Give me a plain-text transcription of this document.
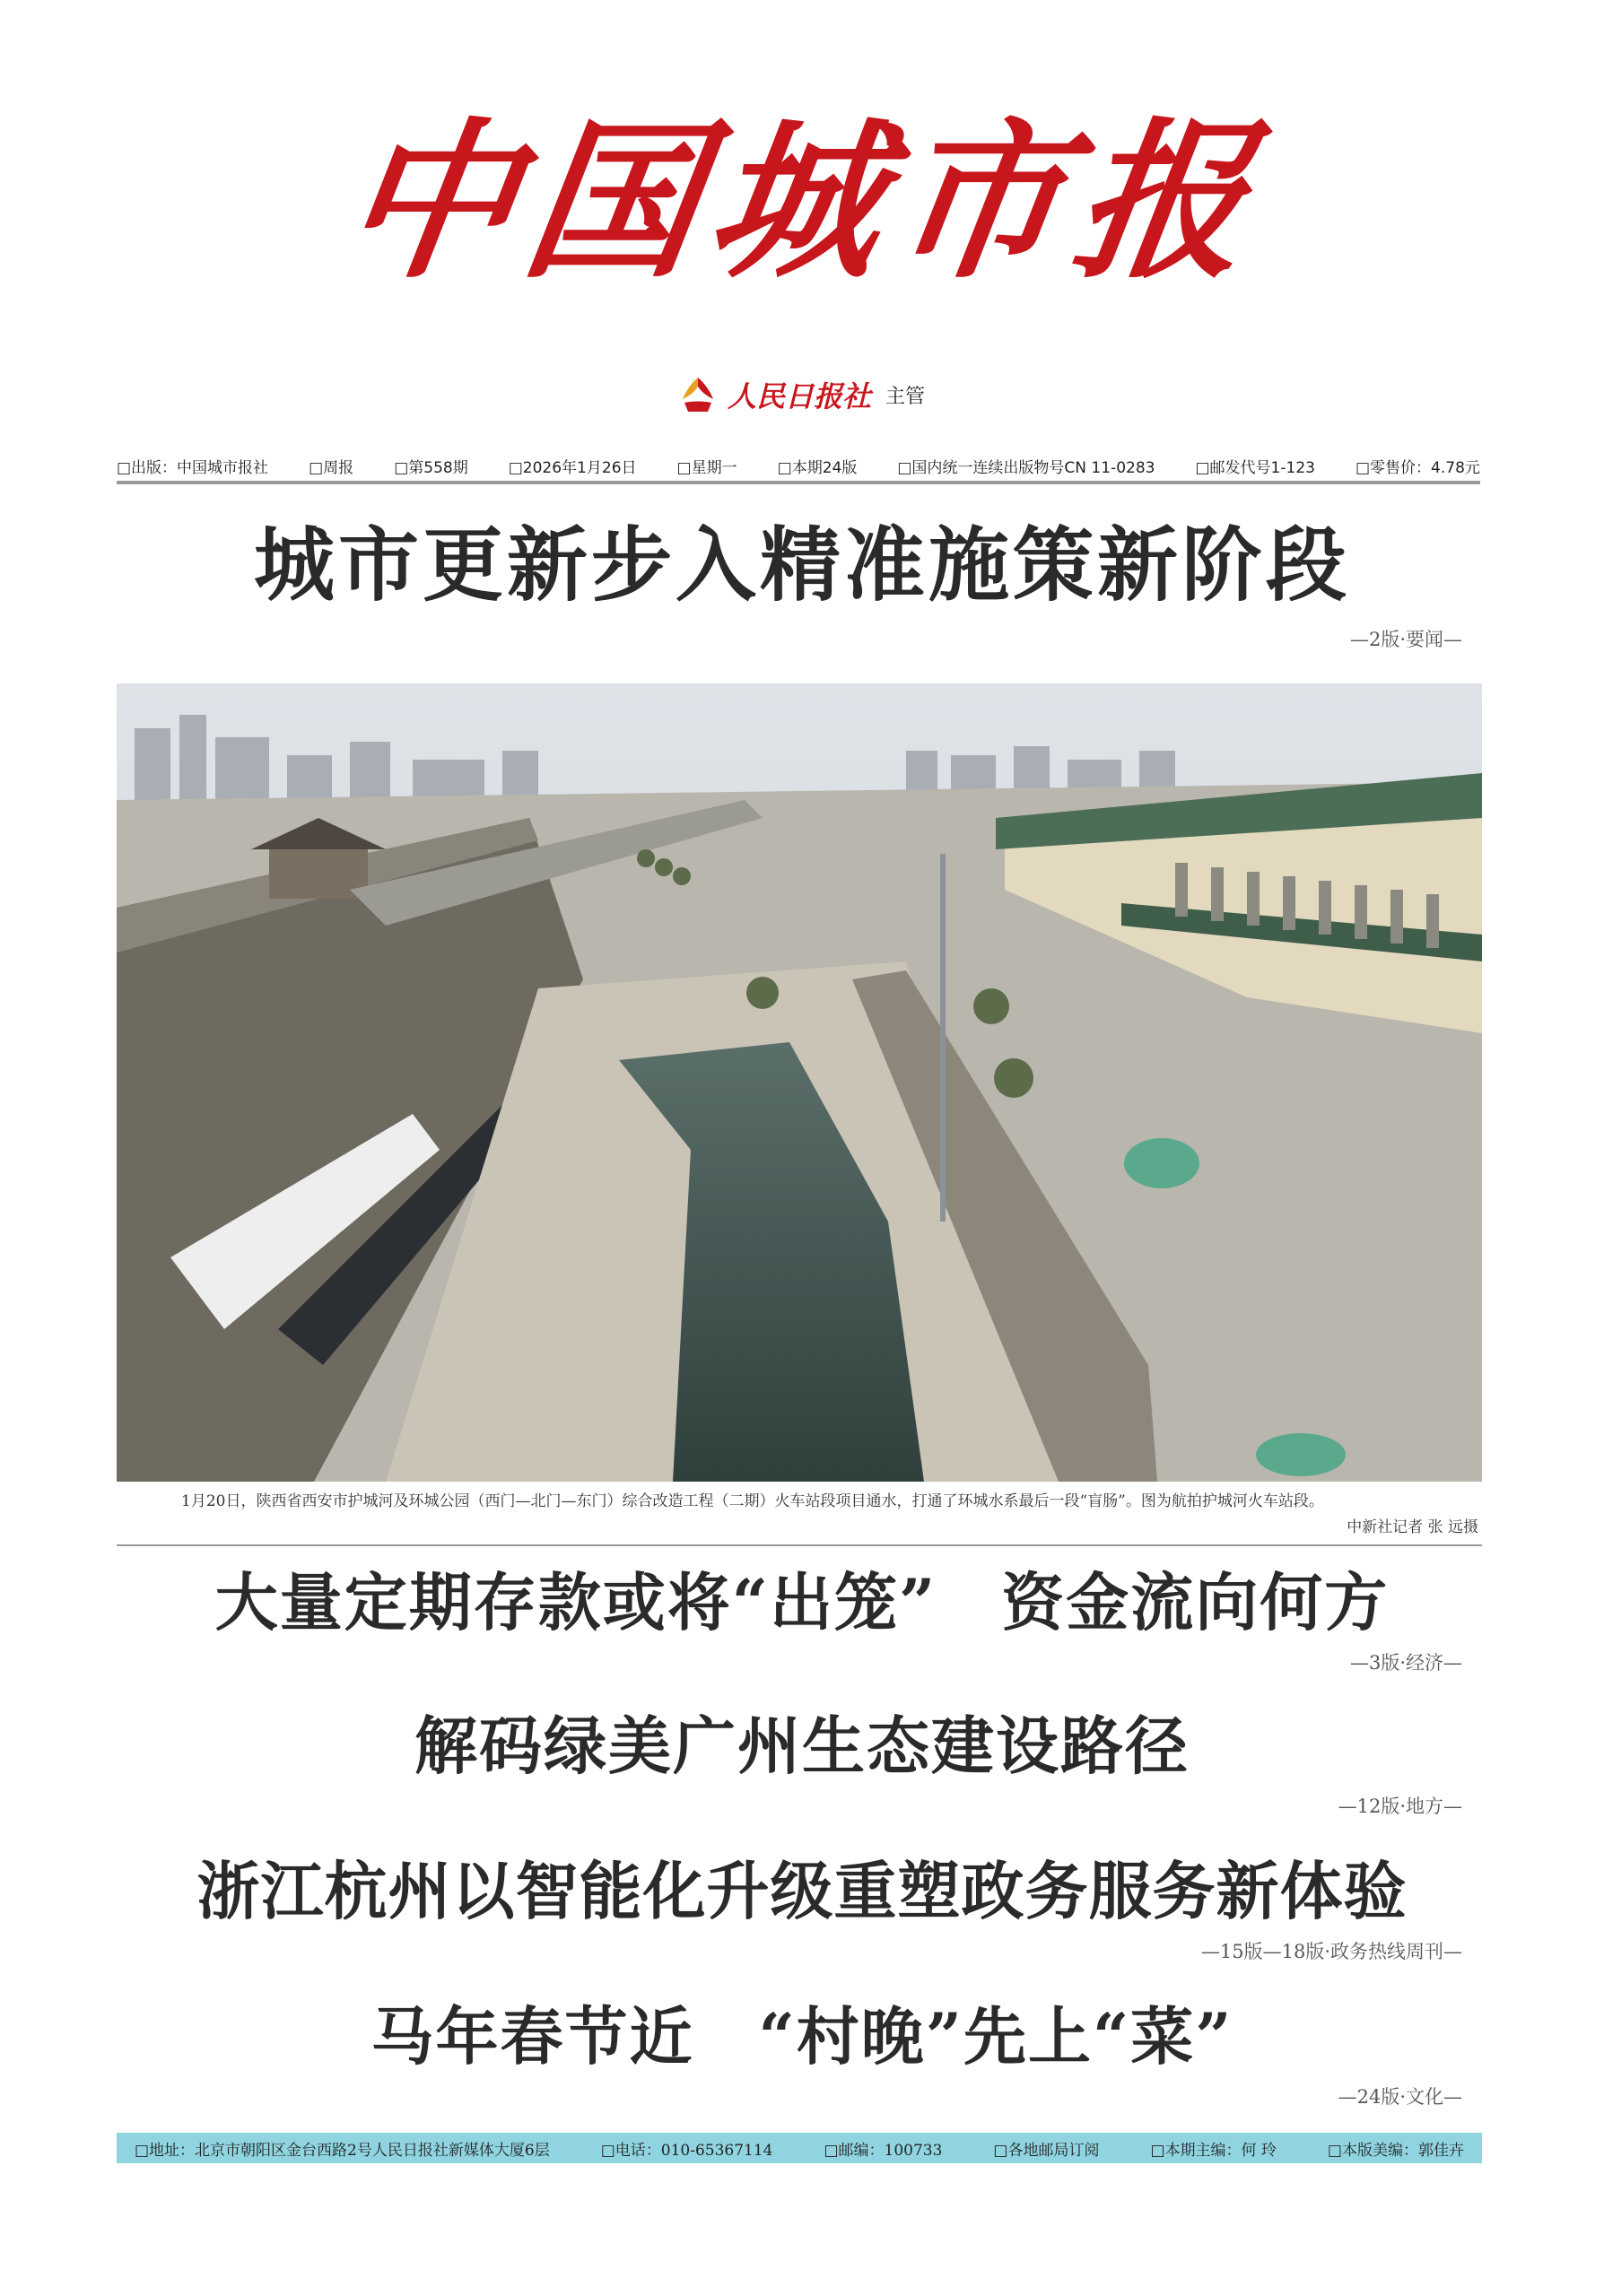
中国城市报
人民日报社 主管
□出版：中国城市报社	□周报	□第558期	□2026年1月26日	□星期一	□本期24版	□国内统一连续出版物号CN 11-0283	□邮发代号1-123	□零售价：4.78元
城市更新步入精准施策新阶段
—2版·要闻—
1月20日，陕西省西安市护城河及环城公园（西门—北门—东门）综合改造工程（二期）火车站段项目通水，打通了环城水系最后一段“盲肠”。图为航拍护城河火车站段。
中新社记者 张 远摄
大量定期存款或将“出笼”　资金流向何方
—3版·经济—
解码绿美广州生态建设路径
—12版·地方—
浙江杭州以智能化升级重塑政务服务新体验
—15版—18版·政务热线周刊—
马年春节近　“村晚”先上“菜”
—24版·文化—
□地址：北京市朝阳区金台西路2号人民日报社新媒体大厦6层	□电话：010-65367114	□邮编：100733	□各地邮局订阅	□本期主编：何 玲	□本版美编：郭佳卉
